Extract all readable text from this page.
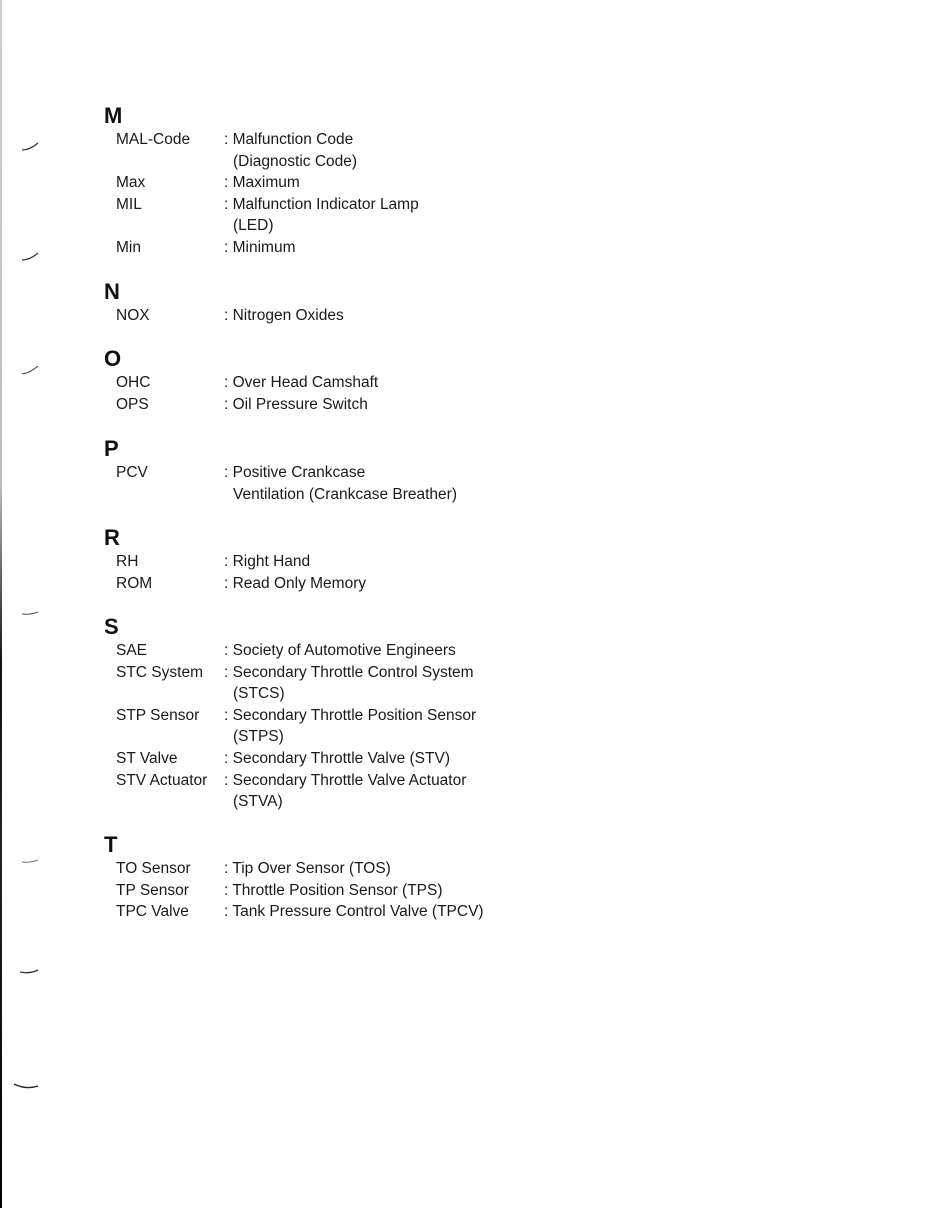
M
MAL-Code : Malfunction Code
(Diagnostic Code)
Max	: Maximum
MIL	: Malfunction Indicator Lamp
(LED)
Min	: Minimum
N
NOX	: Nitrogen Oxides
O
OHC	: Over Head Camshaft
OPS	: Oil Pressure Switch
P
PCV	: Positive Crankcase
Ventilation (Crankcase Breather)
R
RH	: Right Hand
ROM	: Read Only Memory
S
SAE	: Society of Automotive Engineers
STC System : Secondary Throttle Control System
(STCS)
STP Sensor : Secondary Throttle Position Sensor
(STPS)
ST Valve	: Secondary Throttle Valve (STV)
STV Actuator : Secondary Throttle Valve Actuator
(STVA)
T
TO Sensor : Tip Over Sensor (TOS)
TP Sensor : Throttle Position Sensor (TPS)
TPC Valve : Tank Pressure Control Valve (TPCV)
